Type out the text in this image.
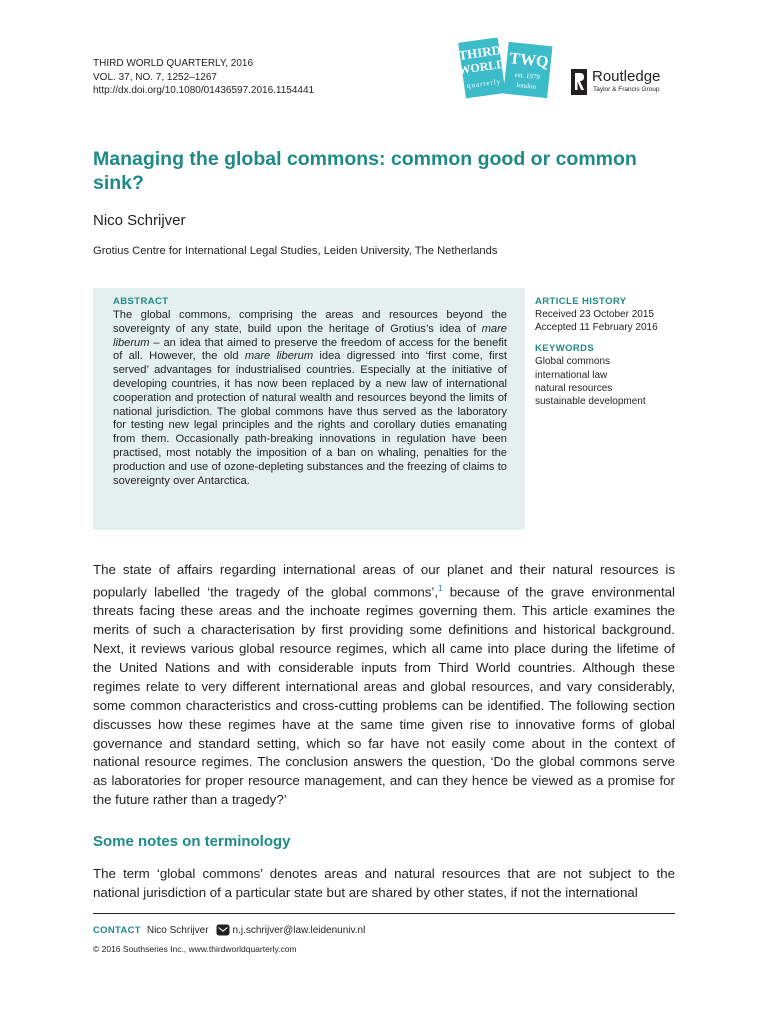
THIRD WORLD QUARTERLY, 2016
VOL. 37, NO. 7, 1252–1267
http://dx.doi.org/10.1080/01436597.2016.1154441
THIRD
WORLD
quarterly
TWQ
est. 1979
london
Routledge
Taylor & Francis Group
Managing the global commons: common good or common sink?
Nico Schrijver
Grotius Centre for International Legal Studies, Leiden University, The Netherlands
ABSTRACT

The global commons, comprising the areas and resources beyond the sovereignty of any state, build upon the heritage of Grotius’s idea of mare liberum – an idea that aimed to preserve the freedom of access for the benefit of all. However, the old mare liberum idea digressed into ‘first come, first served’ advantages for industrialised countries. Especially at the initiative of developing countries, it has now been replaced by a new law of international cooperation and protection of natural wealth and resources beyond the limits of national jurisdiction. The global commons have thus served as the laboratory for testing new legal principles and the rights and corollary duties emanating from them. Occasionally path-breaking innovations in regulation have been practised, most notably the imposition of a ban on whaling, penalties for the production and use of ozone-depleting substances and the freezing of claims to sovereignty over Antarctica.

ARTICLE HISTORY
Received 23 October 2015
Accepted 11 February 2016
KEYWORDS
Global commons
international law
natural resources
sustainable development

The state of affairs regarding international areas of our planet and their natural resources is popularly labelled ‘the tragedy of the global commons’,$^1$ because of the grave environmental threats facing these areas and the inchoate regimes governing them. This article examines the merits of such a characterisation by first providing some definitions and historical background. Next, it reviews various global resource regimes, which all came into place during the lifetime of the United Nations and with considerable inputs from Third World countries. Although these regimes relate to very different international areas and global resources, and vary considerably, some common characteristics and cross-cutting problems can be identified. The following section discusses how these regimes have at the same time given rise to innovative forms of global governance and standard setting, which so far have not easily come about in the context of national resource regimes. The conclusion answers the question, ‘Do the global commons serve as laboratories for proper resource management, and can they hence be viewed as a promise for the future rather than a tragedy?’

Some notes on terminology

The term ‘global commons’ denotes areas and natural resources that are not subject to the national jurisdiction of a particular state but are shared by other states, if not the international

CONTACT Nico Schrijver n.j.schrijver@law.leidenuniv.nl
© 2016 Southseries Inc., www.thirdworldquarterly.com
